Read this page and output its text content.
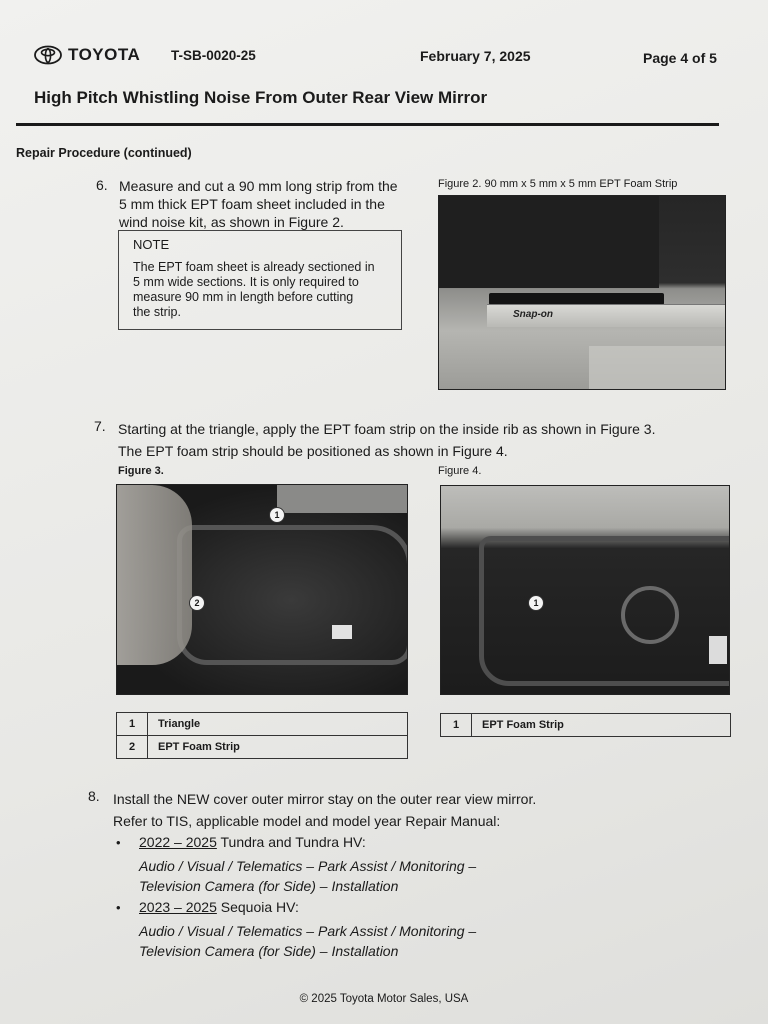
TOYOTA T-SB-0020-25	February 7, 2025	Page 4 of 5
High Pitch Whistling Noise From Outer Rear View Mirror
Repair Procedure (continued)
6. Measure and cut a 90 mm long strip from the
5 mm thick EPT foam sheet included in the
wind noise kit, as shown in Figure 2.
NOTE
The EPT foam sheet is already sectioned in
5 mm wide sections. It is only required to
measure 90 mm in length before cutting
the strip.
Figure 2. 90 mm x 5 mm x 5 mm EPT Foam Strip
Snap-on
7. Starting at the triangle, apply the EPT foam strip on the inside rib as shown in Figure 3.
The EPT foam strip should be positioned as shown in Figure 4.
Figure 3.
1
2
Figure 4.
1
1	Triangle
2	EPT Foam Strip
1	EPT Foam Strip
8. Install the NEW cover outer mirror stay on the outer rear view mirror.
Refer to TIS, applicable model and model year Repair Manual:
• 2022 – 2025 Tundra and Tundra HV:
Audio / Visual / Telematics – Park Assist / Monitoring –
Television Camera (for Side) – Installation
• 2023 – 2025 Sequoia HV:
Audio / Visual / Telematics – Park Assist / Monitoring –
Television Camera (for Side) – Installation
© 2025 Toyota Motor Sales, USA
